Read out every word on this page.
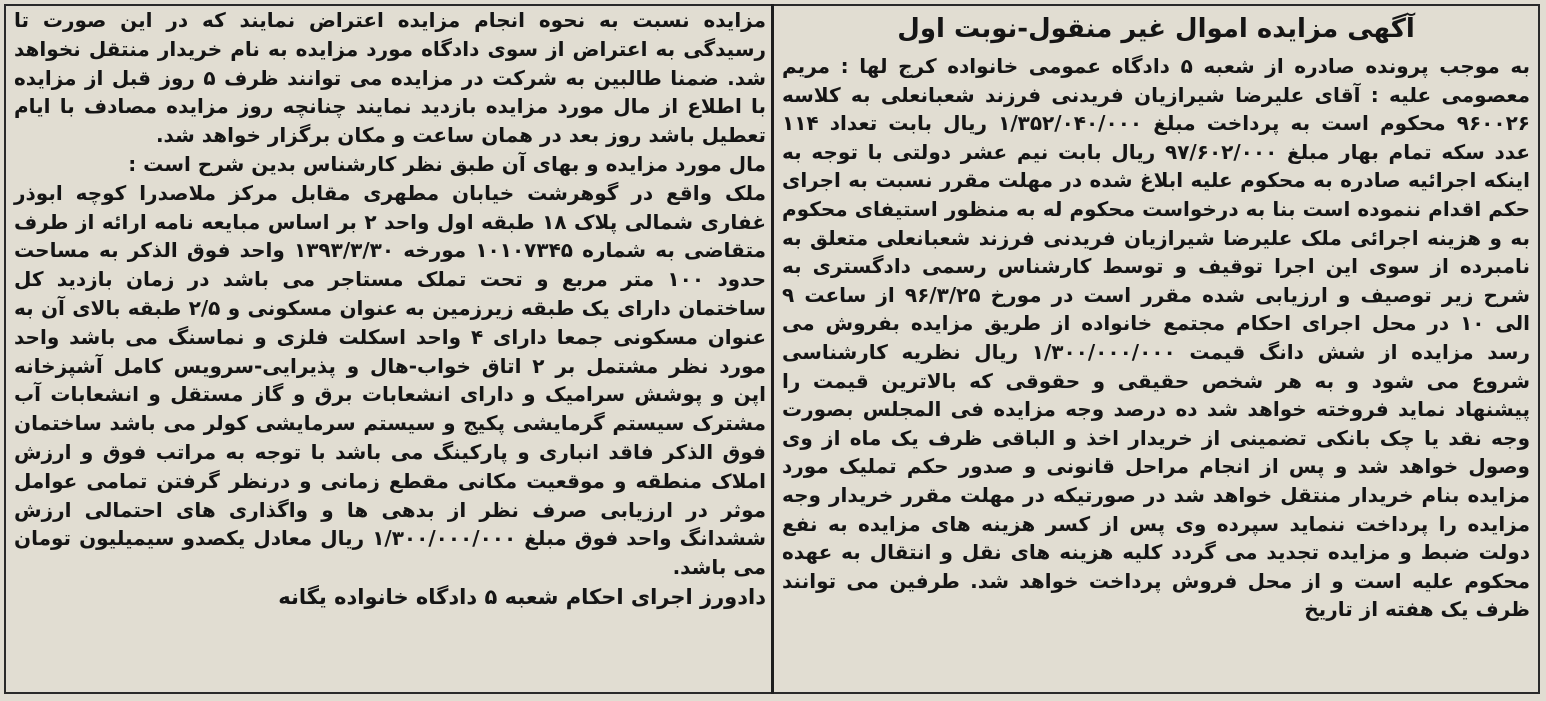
آگهی مزایده اموال غیر منقول-نوبت اول

به موجب پرونده صادره از شعبه ۵ دادگاه عمومی خانواده کرج لها : مریم معصومی علیه : آقای علیرضا شیرازیان فریدنی فرزند شعبانعلی به کلاسه ۹۶۰۰۲۶ محکوم است به پرداخت مبلغ ۱/۳۵۲/۰۴۰/۰۰۰ ریال بابت تعداد ۱۱۴ عدد سکه تمام بهار مبلغ ۹۷/۶۰۲/۰۰۰ ریال بابت نیم عشر دولتی با توجه به اینکه اجرائیه صادره به محکوم علیه ابلاغ شده در مهلت مقرر نسبت به اجرای حکم اقدام ننموده است بنا به درخواست محکوم له به منظور استیفای محکوم به و هزینه اجرائی ملک علیرضا شیرازیان فریدنی فرزند شعبانعلی متعلق به نامبرده از سوی این اجرا توقیف و توسط کارشناس رسمی دادگستری به شرح زیر توصیف و ارزیابی شده مقرر است در مورخ ۹۶/۳/۲۵ از ساعت ۹ الی ۱۰ در محل اجرای احکام مجتمع خانواده از طریق مزایده بفروش می رسد مزایده از شش دانگ قیمت ۱/۳۰۰/۰۰۰/۰۰۰ ریال نظریه کارشناسی شروع می شود و به هر شخص حقیقی و حقوقی که بالاترین قیمت را پیشنهاد نماید فروخته خواهد شد ده درصد وجه مزایده فی المجلس بصورت وجه نقد یا چک بانکی تضمینی از خریدار اخذ و الباقی ظرف یک ماه از وی وصول خواهد شد و پس از انجام مراحل قانونی و صدور حکم تملیک مورد مزایده بنام خریدار منتقل خواهد شد در صورتیکه در مهلت مقرر خریدار وجه مزایده را پرداخت ننماید سپرده وی پس از کسر هزینه های مزایده به نفع دولت ضبط و مزایده تجدید می گردد کلیه هزینه های نقل و انتقال به عهده محکوم علیه است و از محل فروش پرداخت خواهد شد. طرفین می توانند ظرف یک هفته از تاریخ

مزایده نسبت به نحوه انجام مزایده اعتراض نمایند که در این صورت تا رسیدگی به اعتراض از سوی دادگاه مورد مزایده به نام خریدار منتقل نخواهد شد. ضمنا طالبین به شرکت در مزایده می توانند ظرف ۵ روز قبل از مزایده با اطلاع از مال مورد مزایده بازدید نمایند چنانچه روز مزایده مصادف با ایام تعطیل باشد روز بعد در همان ساعت و مکان برگزار خواهد شد.

مال مورد مزایده و بهای آن طبق نظر کارشناس بدین شرح است :

ملک واقع در گوهرشت خیابان مطهری مقابل مرکز ملاصدرا کوچه ابوذر غفاری شمالی پلاک ۱۸ طبقه اول واحد ۲ بر اساس مبایعه نامه ارائه از طرف متقاضی به شماره ۱۰۱۰۷۳۴۵ مورخه ۱۳۹۳/۳/۳۰ واحد فوق الذکر به مساحت حدود ۱۰۰ متر مربع و تحت تملک مستاجر می باشد در زمان بازدید کل ساختمان دارای یک طبقه زیرزمین به عنوان مسکونی و ۲/۵ طبقه بالای آن به عنوان مسکونی جمعا دارای ۴ واحد اسکلت فلزی و نماسنگ می باشد واحد مورد نظر مشتمل بر ۲ اتاق خواب-هال و پذیرایی-سرویس کامل آشپزخانه اپن و پوشش سرامیک و دارای انشعابات برق و گاز مستقل و انشعابات آب مشترک سیستم گرمایشی پکیج و سیستم سرمایشی کولر می باشد ساختمان فوق الذکر فاقد انباری و پارکینگ می باشد با توجه به مراتب فوق و ارزش املاک منطقه و موقعیت مکانی مقطع زمانی و درنظر گرفتن تمامی عوامل موثر در ارزیابی صرف نظر از بدهی ها و واگذاری های احتمالی ارزش ششدانگ واحد فوق مبلغ ۱/۳۰۰/۰۰۰/۰۰۰ ریال معادل یکصدو سیمیلیون تومان می باشد.

دادورز اجرای احکام شعبه ۵ دادگاه خانواده یگانه
